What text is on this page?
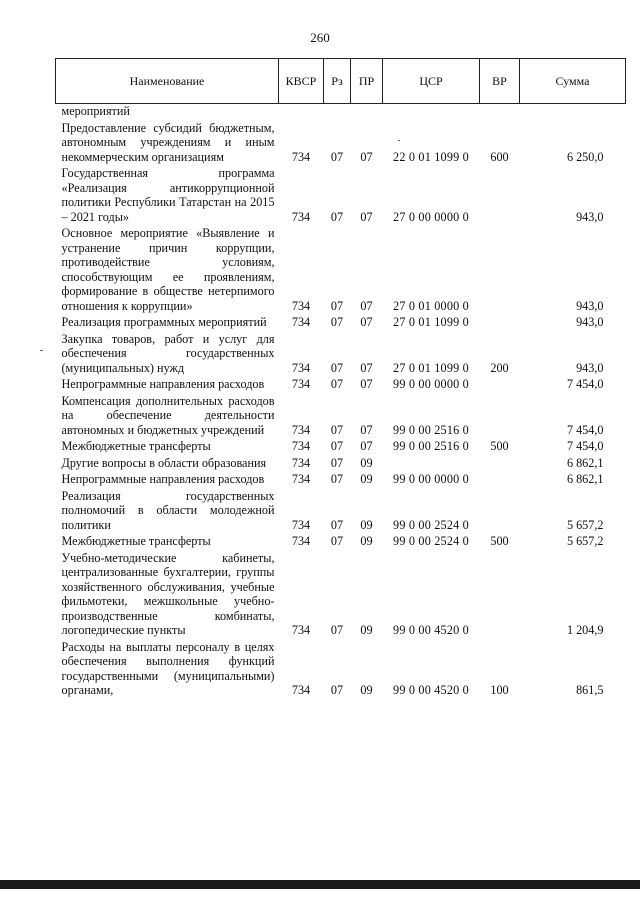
260
Наименование	КВСР	Рз	ПР	ЦСР	ВР	Сумма
мероприятий						
Предоставление субсидий бюджетным, автономным учреждениям и иным некоммерческим организациям	734	07	07	22 0 01 1099 0	600	6 250,0
Государственная программа «Реализация антикоррупционной политики Республики Татарстан на 2015 – 2021 годы»	734	07	07	27 0 00 0000 0		943,0
Основное мероприятие «Выявление и устранение причин коррупции, противодействие условиям, способствующим ее проявлениям, формирование в обществе нетерпимого отношения к коррупции»	734	07	07	27 0 01 0000 0		943,0
Реализация программных мероприятий	734	07	07	27 0 01 1099 0		943,0
Закупка товаров, работ и услуг для обеспечения государственных (муниципальных) нужд	734	07	07	27 0 01 1099 0	200	943,0
Непрограммные направления расходов	734	07	07	99 0 00 0000 0		7 454,0
Компенсация дополнительных расходов на обеспечение деятельности автономных и бюджетных учреждений	734	07	07	99 0 00 2516 0		7 454,0
Межбюджетные трансферты	734	07	07	99 0 00 2516 0	500	7 454,0
Другие вопросы в области образования	734	07	09			6 862,1
Непрограммные направления расходов	734	07	09	99 0 00 0000 0		6 862,1
Реализация государственных полномочий в области молодежной политики	734	07	09	99 0 00 2524 0		5 657,2
Межбюджетные трансферты	734	07	09	99 0 00 2524 0	500	5 657,2
Учебно-методические кабинеты, централизованные бухгалтерии, группы хозяйственного обслуживания, учебные фильмотеки, межшкольные учебно-производственные комбинаты, логопедические пункты	734	07	09	99 0 00 4520 0		1 204,9
Расходы на выплаты персоналу в целях обеспечения выполнения функций государственными (муниципальными) органами,	734	07	09	99 0 00 4520 0	100	861,5
